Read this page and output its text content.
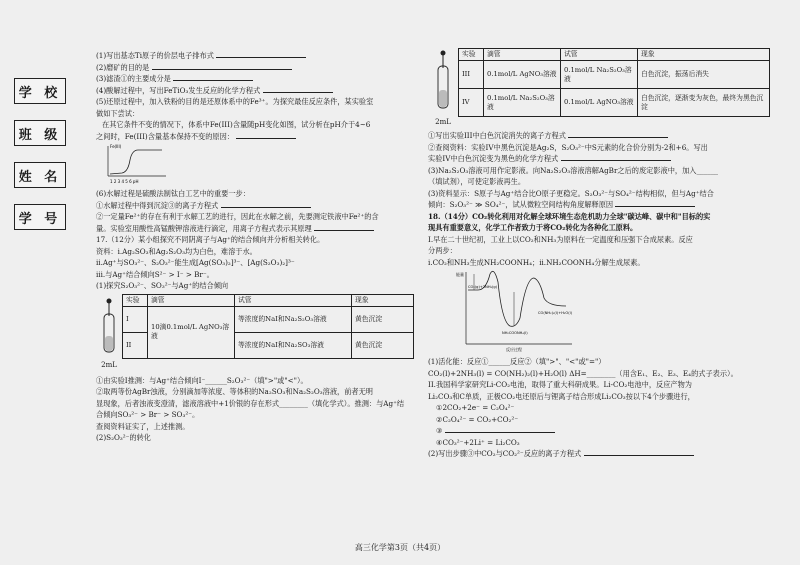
学 校
班 级
姓 名
学 号

(1)写出基态Ti原子的价层电子排布式

(2)磨矿的目的是

(3)滤渣①的主要成分是

(4)酸解过程中，写出FeTiO₃发生反应的化学方程式

(5)还原过程中，加入铁粉的目的是还原体系中的Fe³⁺。为探究最佳反应条件，某实验室

做如下尝试：

在其它条件不变的情况下，体系中Fe(III)含量随pH变化如图，试分析在pH介于4~6

之间时，Fe(III)含量基本保持不变的原因：

Fe(III)
1 2 3 4 5 6 pH

(6)水解过程是硫酸法制钛白工艺中的重要一步：

①水解过程中得到沉淀③的离子方程式

②一定量Fe²⁺的存在有利于水解工艺的进行，因此在水解之前，先要测定铁液中Fe²⁺的含

量。实验室用酸性高锰酸钾溶液进行滴定，用离子方程式表示其原理

17.（12分）某小组探究不同阴离子与Ag⁺的结合倾向并分析相关转化。

资料：i.Ag₂SO₃和Ag₂S₂O₃均为白色，难溶于水。

ii.Ag⁺与SO₃²⁻、S₂O₃²⁻能生成[Ag(SO₃)₂]³⁻、[Ag(S₂O₃)₂]³⁻

iii.与Ag⁺结合倾向S²⁻ > I⁻ > Br⁻。

(1)探究S₂O₃²⁻、SO₃²⁻与Ag⁺的结合倾向

2mL
实验	滴管	试管	现象
I	10滴0.1mol/L AgNO₃溶液	等浓度的NaI和Na₂S₂O₃溶液	黄色沉淀
II		等浓度的NaI和Na₂SO₃溶液	黄色沉淀

①由实验I推测：与Ag⁺结合倾向I⁻______S₂O₃²⁻（填">"或"<"）。

②取两等份AgBr浊液，分别滴加等浓度、等体积的Na₂SO₃和Na₂S₂O₃溶液，前者无明

显现象，后者浊液变澄清，滤液溶液中+1价银的存在形式________（填化学式）。推测：与Ag⁺结

合倾向SO₃²⁻ > Br⁻ > SO₃²⁻。

查阅资料证实了，上述推测。

(2)S₂O₃²⁻的转化

2mL
实验	滴管	试管	现象
III	0.1mol/L AgNO₃溶液	0.1mol/L Na₂S₂O₃溶液	白色沉淀，振荡后消失
IV	0.1mol/L Na₂S₂O₃溶液	0.1mol/L AgNO₃溶液	白色沉淀，逐渐变为灰色，最终为黑色沉淀

①写出实验III中白色沉淀消失的离子方程式

②查阅资料：实验IV中黑色沉淀是Ag₂S，S₂O₃²⁻中S元素的化合价分别为-2和+6。写出

实验IV中白色沉淀变为黑色的化学方程式

(3)Na₂S₂O₃溶液可用作定影液。向Na₂S₂O₃溶液溶解AgBr之后的废定影液中，加入______

（填试剂），可使定影液再生。

(3)资料显示：S原子与Ag⁺结合比O原子更稳定。S₂O₃²⁻与SO₄²⁻结构相似，但与Ag⁺结合

倾向：S₂O₃²⁻ ≫ SO₄²⁻，试从微粒空间结构角度解释原因

18.（14分）CO₂转化利用对化解全球环境生态危机助力全球"碳达峰、碳中和"目标的实

现具有重要意义，化学工作者致力于将CO₂转化为各种化工原料。

I.早在二十世纪初，工业上以CO₂和NH₃为原料在一定温度和压强下合成尿素。反应

分两步：

i.CO₂和NH₃生成NH₂COONH₄；ii.NH₂COONH₄分解生成尿素。

CO₂(g)+2NH₃(g)
NH₂COONH₄(l)
CO(NH₂)₂(l)+H₂O(l)
反应过程
能量

(1)活化能：反应①______反应②（填">"、"<"或"="）

CO₂(l)+2NH₃(l) = CO(NH₂)₂(l)+H₂O(l) ΔH=________（用含E₁、E₂、E₃、E₄的式子表示）。

II.我国科学家研究Li-CO₂电池，取得了重大科研成果。Li-CO₂电池中，反应产物为

Li₂CO₃和C单质，正极CO₂电还原后与锂离子结合形成Li₂CO₃按以下4个步骤进行，

①2CO₂+2e⁻ = C₂O₄²⁻

②C₂O₄²⁻ = CO₂+CO₂²⁻

③

④CO₃²⁻+2Li⁺ = Li₂CO₃

(2)写出步骤③中CO₂与CO₂²⁻反应的离子方程式

高三化学第3页（共4页）
